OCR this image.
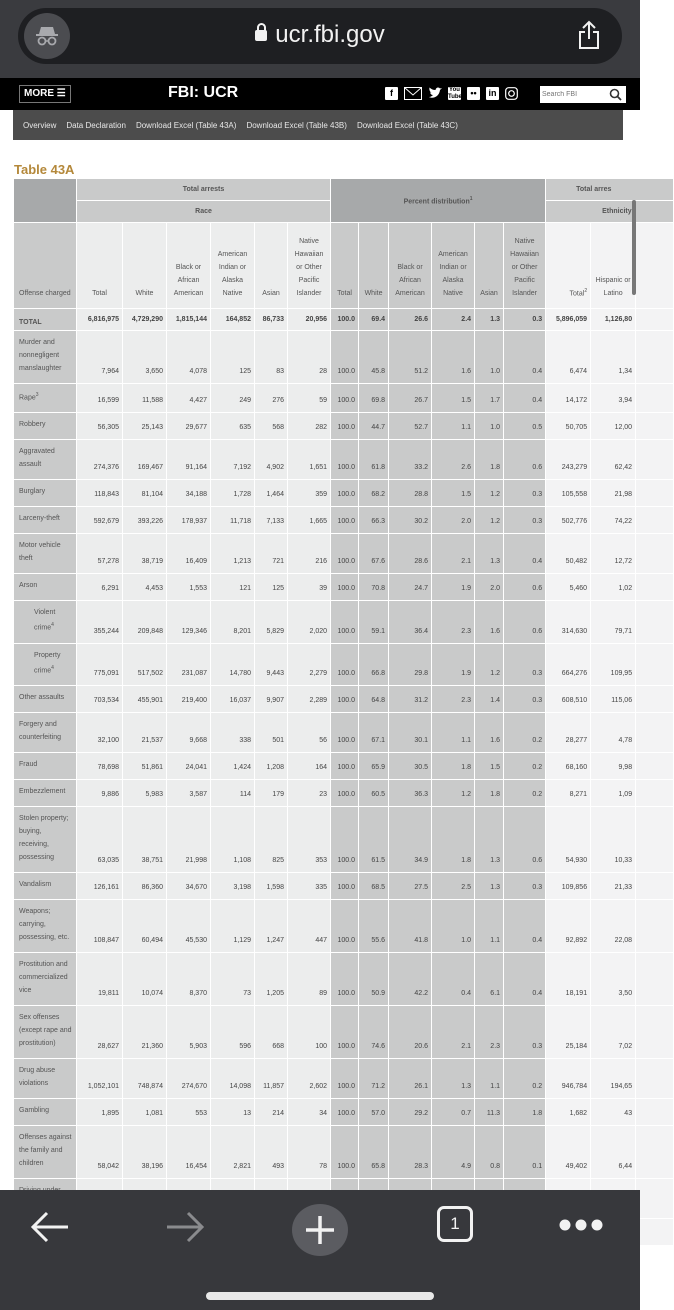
ucr.fbi.gov
MORE ☰	FBI: UCR	f	You
Tube ••	in
Search FBI
Overview Data Declaration Download Excel (Table 43A) Download Excel (Table 43B) Download Excel (Table 43C)
Table 43A
	Total arrests						Percent distribution$^1$						Total arres		
	Race												Ethnicity		
Offense charged	Total	White	Black or African American	American Indian or Alaska Native	Asian	Native Hawaiian or Other Pacific Islander	Total	White	Black or African American	American Indian or Alaska Native	Asian	Native Hawaiian or Other Pacific Islander	Total$^2$	Hispanic or Latino	
TOTAL	6,816,975	4,729,290	1,815,144	164,852	86,733	20,956	100.0	69.4	26.6	2.4	1.3	0.3	5,896,059	1,126,80	
Murder and nonnegligent manslaughter	7,964	3,650	4,078	125	83	28	100.0	45.8	51.2	1.6	1.0	0.4	6,474	1,34	
Rape$^3$	16,599	11,588	4,427	249	276	59	100.0	69.8	26.7	1.5	1.7	0.4	14,172	3,94	
Robbery	56,305	25,143	29,677	635	568	282	100.0	44.7	52.7	1.1	1.0	0.5	50,705	12,00	
Aggravated assault	274,376	169,467	91,164	7,192	4,902	1,651	100.0	61.8	33.2	2.6	1.8	0.6	243,279	62,42	
Burglary	118,843	81,104	34,188	1,728	1,464	359	100.0	68.2	28.8	1.5	1.2	0.3	105,558	21,98	
Larceny-theft	592,679	393,226	178,937	11,718	7,133	1,665	100.0	66.3	30.2	2.0	1.2	0.3	502,776	74,22	
Motor vehicle theft	57,278	38,719	16,409	1,213	721	216	100.0	67.6	28.6	2.1	1.3	0.4	50,482	12,72	
Arson	6,291	4,453	1,553	121	125	39	100.0	70.8	24.7	1.9	2.0	0.6	5,460	1,02	
Violent crime$^4$	355,244	209,848	129,346	8,201	5,829	2,020	100.0	59.1	36.4	2.3	1.6	0.6	314,630	79,71	
Property crime$^4$	775,091	517,502	231,087	14,780	9,443	2,279	100.0	66.8	29.8	1.9	1.2	0.3	664,276	109,95	
Other assaults	703,534	455,901	219,400	16,037	9,907	2,289	100.0	64.8	31.2	2.3	1.4	0.3	608,510	115,06	
Forgery and counterfeiting	32,100	21,537	9,668	338	501	56	100.0	67.1	30.1	1.1	1.6	0.2	28,277	4,78	
Fraud	78,698	51,861	24,041	1,424	1,208	164	100.0	65.9	30.5	1.8	1.5	0.2	68,160	9,98	
Embezzlement	9,886	5,983	3,587	114	179	23	100.0	60.5	36.3	1.2	1.8	0.2	8,271	1,09	
Stolen property; buying, receiving, possessing	63,035	38,751	21,998	1,108	825	353	100.0	61.5	34.9	1.8	1.3	0.6	54,930	10,33	
Vandalism	126,161	86,360	34,670	3,198	1,598	335	100.0	68.5	27.5	2.5	1.3	0.3	109,856	21,33	
Weapons; carrying, possessing, etc.	108,847	60,494	45,530	1,129	1,247	447	100.0	55.6	41.8	1.0	1.1	0.4	92,892	22,08	
Prostitution and commercialized vice	19,811	10,074	8,370	73	1,205	89	100.0	50.9	42.2	0.4	6.1	0.4	18,191	3,50	
Sex offenses (except rape and prostitution)	28,627	21,360	5,903	596	668	100	100.0	74.6	20.6	2.1	2.3	0.3	25,184	7,02	
Drug abuse violations	1,052,101	748,874	274,670	14,098	11,857	2,602	100.0	71.2	26.1	1.3	1.1	0.2	946,784	194,65	
Gambling	1,895	1,081	553	13	214	34	100.0	57.0	29.2	0.7	11.3	1.8	1,682	43	
Offenses against the family and children	58,042	38,196	16,454	2,821	493	78	100.0	65.8	28.3	4.9	0.8	0.1	49,402	6,44	

1
